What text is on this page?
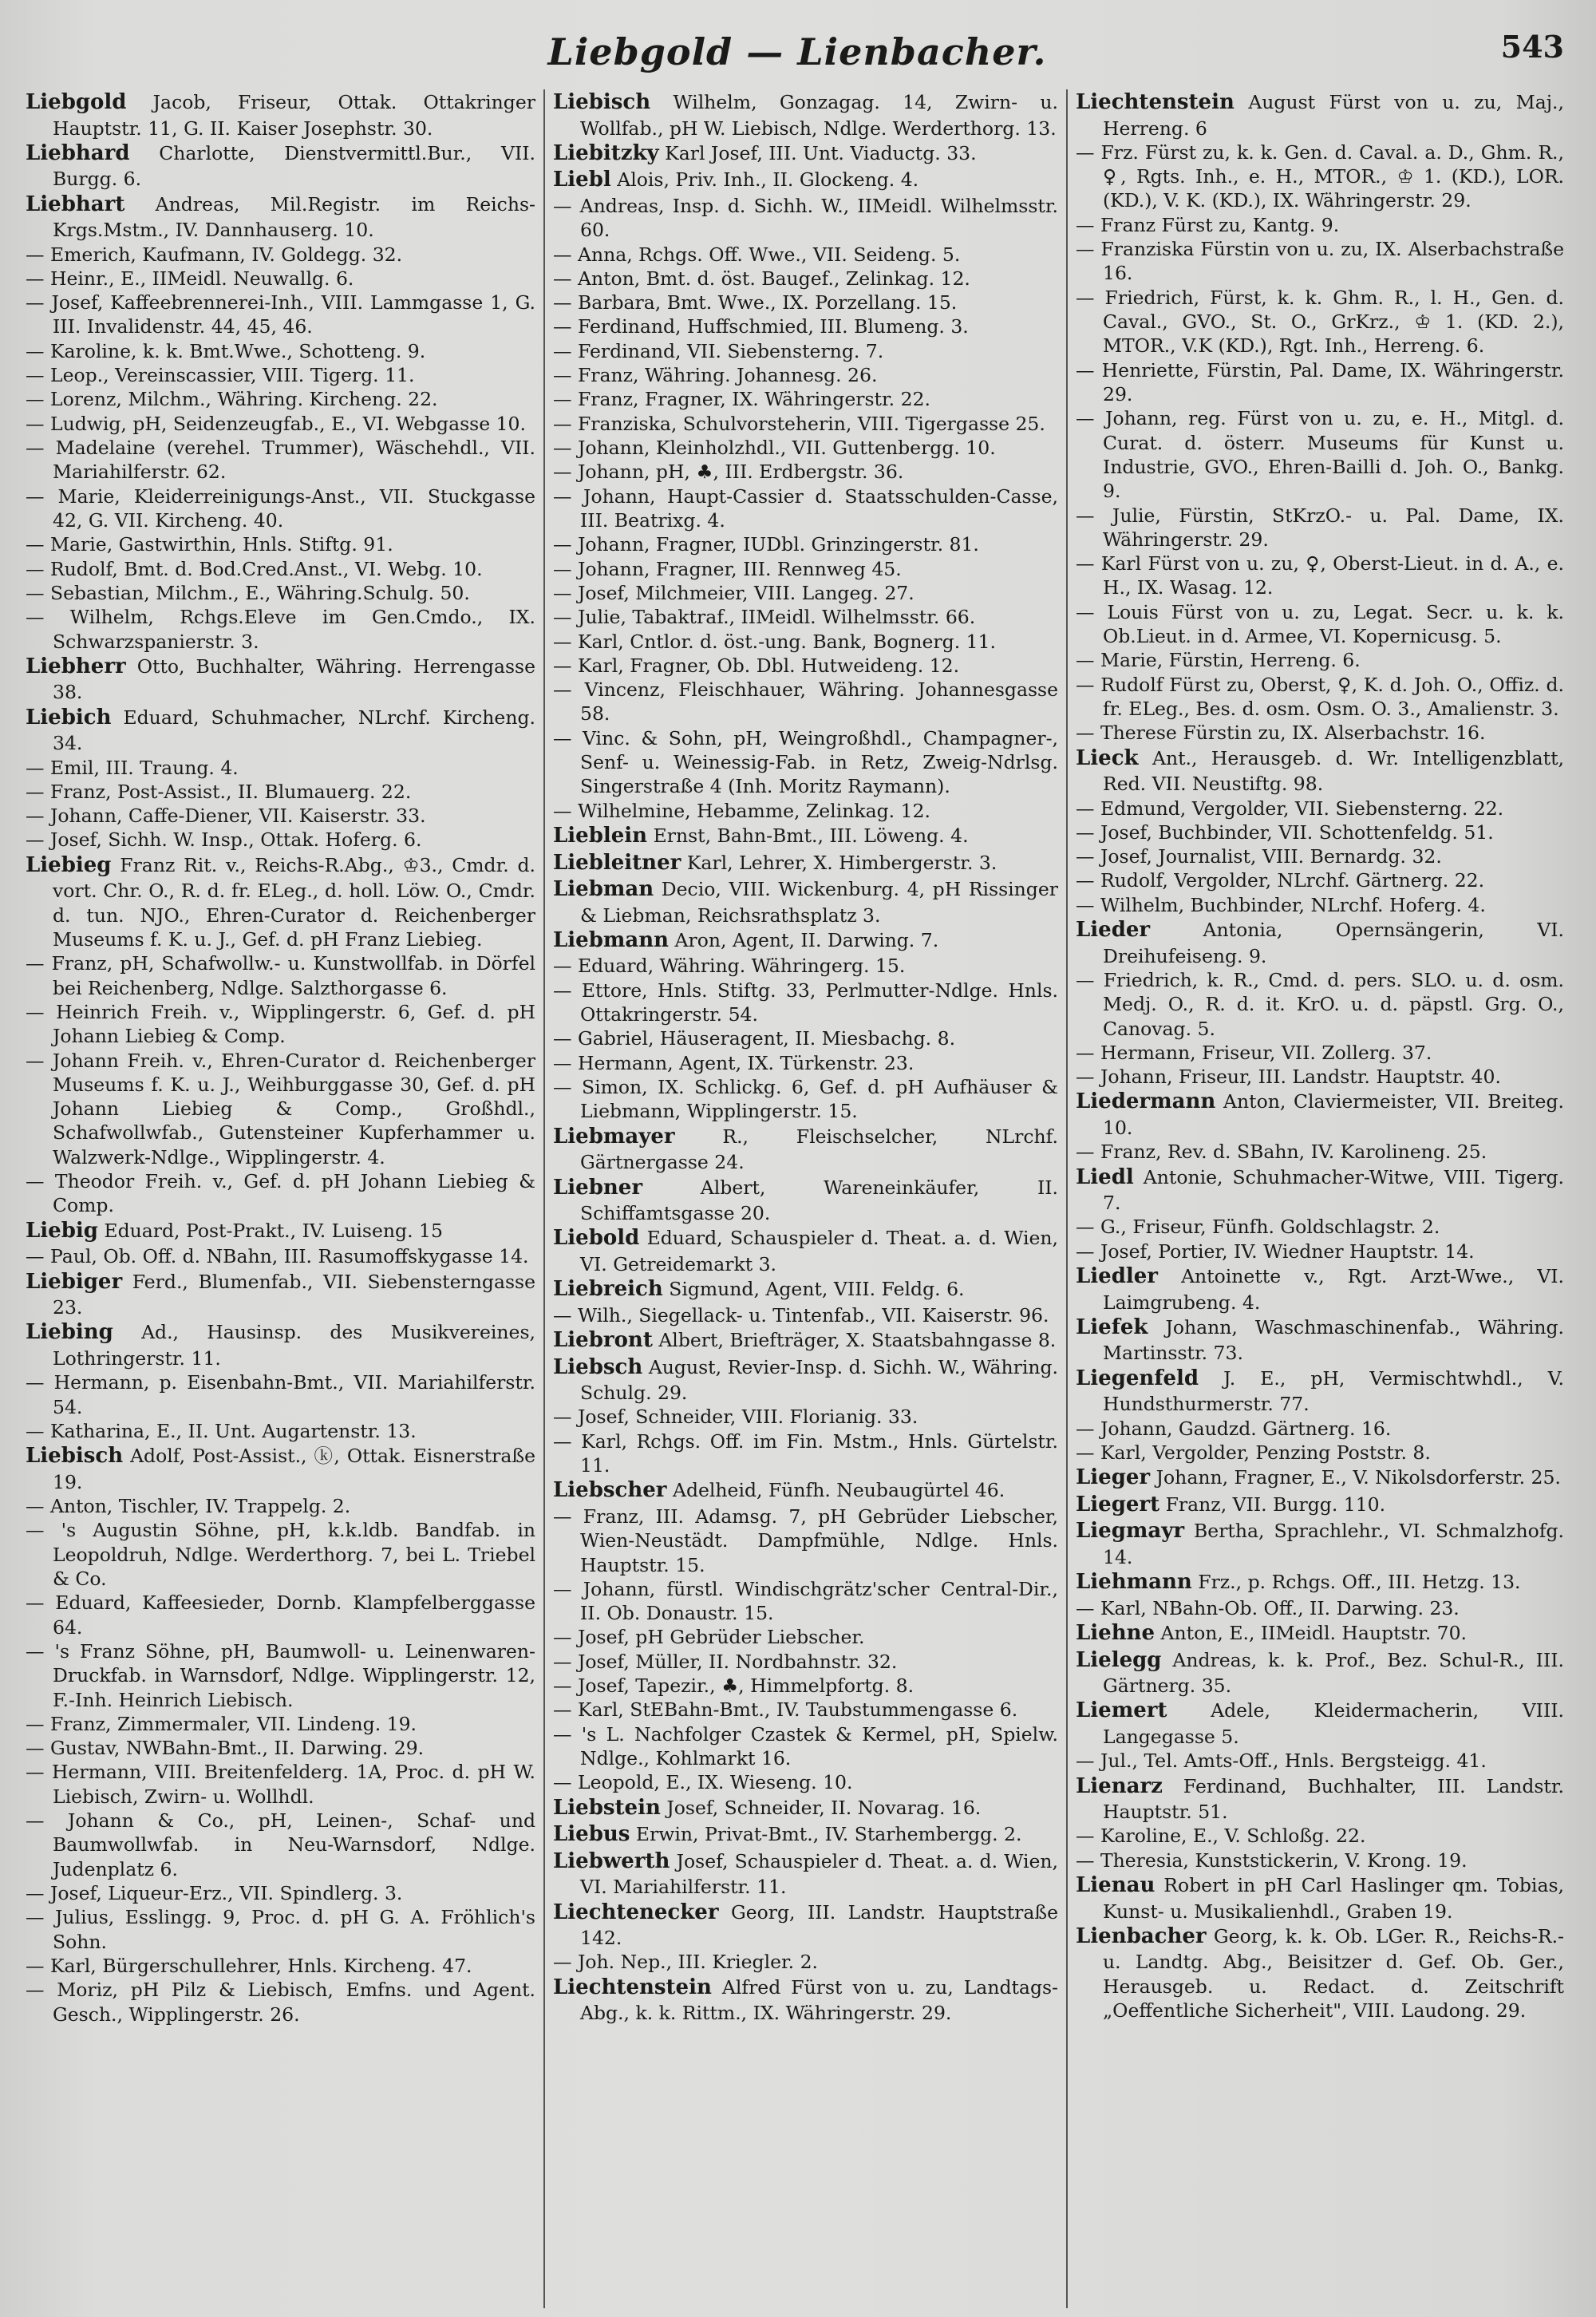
Liebgold — Lienbacher.	543

Liebgold Jacob, Friseur, Ottak. Ottakringer Hauptstr. 11, G. II. Kaiser Josephstr. 30.

Liebhard Charlotte, Dienstvermittl.Bur., VII. Burgg. 6.

Liebhart Andreas, Mil.Registr. im Reichs-Krgs.Mstm., IV. Dannhauserg. 10.

— Emerich, Kaufmann, IV. Goldegg. 32.

— Heinr., E., IIMeidl. Neuwallg. 6.

— Josef, Kaffeebrennerei-Inh., VIII. Lammgasse 1, G. III. Invalidenstr. 44, 45, 46.

— Karoline, k. k. Bmt.Wwe., Schotteng. 9.

— Leop., Vereinscassier, VIII. Tigerg. 11.

— Lorenz, Milchm., Währing. Kircheng. 22.

— Ludwig, pH, Seidenzeugfab., E., VI. Webgasse 10.

— Madelaine (verehel. Trummer), Wäschehdl., VII. Mariahilferstr. 62.

— Marie, Kleiderreinigungs-Anst., VII. Stuckgasse 42, G. VII. Kircheng. 40.

— Marie, Gastwirthin, Hnls. Stiftg. 91.

— Rudolf, Bmt. d. Bod.Cred.Anst., VI. Webg. 10.

— Sebastian, Milchm., E., Währing.Schulg. 50.

— Wilhelm, Rchgs.Eleve im Gen.Cmdo., IX. Schwarzspanierstr. 3.

Liebherr Otto, Buchhalter, Währing. Herrengasse 38.

Liebich Eduard, Schuhmacher, NLrchf. Kircheng. 34.

— Emil, III. Traung. 4.

— Franz, Post-Assist., II. Blumauerg. 22.

— Johann, Caffe-Diener, VII. Kaiserstr. 33.

— Josef, Sichh. W. Insp., Ottak. Hoferg. 6.

Liebieg Franz Rit. v., Reichs-R.Abg., ♔3., Cmdr. d. vort. Chr. O., R. d. fr. ELeg., d. holl. Löw. O., Cmdr. d. tun. NJO., Ehren-Curator d. Reichenberger Museums f. K. u. J., Gef. d. pH Franz Liebieg.

— Franz, pH, Schafwollw.- u. Kunstwollfab. in Dörfel bei Reichenberg, Ndlge. Salzthorgasse 6.

— Heinrich Freih. v., Wipplingerstr. 6, Gef. d. pH Johann Liebieg & Comp.

— Johann Freih. v., Ehren-Curator d. Reichenberger Museums f. K. u. J., Weihburggasse 30, Gef. d. pH Johann Liebieg & Comp., Großhdl., Schafwollwfab., Gutensteiner Kupferhammer u. Walzwerk-Ndlge., Wipplingerstr. 4.

— Theodor Freih. v., Gef. d. pH Johann Liebieg & Comp.

Liebig Eduard, Post-Prakt., IV. Luiseng. 15

— Paul, Ob. Off. d. NBahn, III. Rasumoffskygasse 14.

Liebiger Ferd., Blumenfab., VII. Siebensterngasse 23.

Liebing Ad., Hausinsp. des Musikvereines, Lothringerstr. 11.

— Hermann, p. Eisenbahn-Bmt., VII. Mariahilferstr. 54.

— Katharina, E., II. Unt. Augartenstr. 13.

Liebisch Adolf, Post-Assist., ⓚ, Ottak. Eisnerstraße 19.

— Anton, Tischler, IV. Trappelg. 2.

— 's Augustin Söhne, pH, k.k.ldb. Bandfab. in Leopoldruh, Ndlge. Werderthorg. 7, bei L. Triebel & Co.

— Eduard, Kaffeesieder, Dornb. Klampfelberggasse 64.

— 's Franz Söhne, pH, Baumwoll- u. Leinenwaren-Druckfab. in Warnsdorf, Ndlge. Wipplingerstr. 12, F.-Inh. Heinrich Liebisch.

— Franz, Zimmermaler, VII. Lindeng. 19.

— Gustav, NWBahn-Bmt., II. Darwing. 29.

— Hermann, VIII. Breitenfelderg. 1A, Proc. d. pH W. Liebisch, Zwirn- u. Wollhdl.

— Johann & Co., pH, Leinen-, Schaf- und Baumwollwfab. in Neu-Warnsdorf, Ndlge. Judenplatz 6.

— Josef, Liqueur-Erz., VII. Spindlerg. 3.

— Julius, Esslingg. 9, Proc. d. pH G. A. Fröhlich's Sohn.

— Karl, Bürgerschullehrer, Hnls. Kircheng. 47.

— Moriz, pH Pilz & Liebisch, Emfns. und Agent. Gesch., Wipplingerstr. 26.

Liebisch Wilhelm, Gonzagag. 14, Zwirn- u. Wollfab., pH W. Liebisch, Ndlge. Werderthorg. 13.

Liebitzky Karl Josef, III. Unt. Viaductg. 33.

Liebl Alois, Priv. Inh., II. Glockeng. 4.

— Andreas, Insp. d. Sichh. W., IIMeidl. Wilhelmsstr. 60.

— Anna, Rchgs. Off. Wwe., VII. Seideng. 5.

— Anton, Bmt. d. öst. Baugef., Zelinkag. 12.

— Barbara, Bmt. Wwe., IX. Porzellang. 15.

— Ferdinand, Huffschmied, III. Blumeng. 3.

— Ferdinand, VII. Siebensterng. 7.

— Franz, Währing. Johannesg. 26.

— Franz, Fragner, IX. Währingerstr. 22.

— Franziska, Schulvorsteherin, VIII. Tigergasse 25.

— Johann, Kleinholzhdl., VII. Guttenbergg. 10.

— Johann, pH, ♣, III. Erdbergstr. 36.

— Johann, Haupt-Cassier d. Staatsschulden-Casse, III. Beatrixg. 4.

— Johann, Fragner, IUDbl. Grinzingerstr. 81.

— Johann, Fragner, III. Rennweg 45.

— Josef, Milchmeier, VIII. Langeg. 27.

— Julie, Tabaktraf., IIMeidl. Wilhelmsstr. 66.

— Karl, Cntlor. d. öst.-ung. Bank, Bognerg. 11.

— Karl, Fragner, Ob. Dbl. Hutweideng. 12.

— Vincenz, Fleischhauer, Währing. Johannesgasse 58.

— Vinc. & Sohn, pH, Weingroßhdl., Champagner-, Senf- u. Weinessig-Fab. in Retz, Zweig-Ndrlsg. Singerstraße 4 (Inh. Moritz Raymann).

— Wilhelmine, Hebamme, Zelinkag. 12.

Lieblein Ernst, Bahn-Bmt., III. Löweng. 4.

Liebleitner Karl, Lehrer, X. Himbergerstr. 3.

Liebman Decio, VIII. Wickenburg. 4, pH Rissinger & Liebman, Reichsrathsplatz 3.

Liebmann Aron, Agent, II. Darwing. 7.

— Eduard, Währing. Währingerg. 15.

— Ettore, Hnls. Stiftg. 33, Perlmutter-Ndlge. Hnls. Ottakringerstr. 54.

— Gabriel, Häuseragent, II. Miesbachg. 8.

— Hermann, Agent, IX. Türkenstr. 23.

— Simon, IX. Schlickg. 6, Gef. d. pH Aufhäuser & Liebmann, Wipplingerstr. 15.

Liebmayer	R., Fleischselcher, NLrchf. Gärtnergasse 24.

Liebner	Albert, Wareneinkäufer, II. Schiffamtsgasse 20.

Liebold Eduard, Schauspieler d. Theat. a. d. Wien, VI. Getreidemarkt 3.

Liebreich Sigmund, Agent, VIII. Feldg. 6.

— Wilh., Siegellack- u. Tintenfab., VII. Kaiserstr. 96.

Liebront Albert, Briefträger, X. Staatsbahngasse 8.

Liebsch August, Revier-Insp. d. Sichh. W., Währing. Schulg. 29.

— Josef, Schneider, VIII. Florianig. 33.

— Karl, Rchgs. Off. im Fin. Mstm., Hnls. Gürtelstr. 11.

Liebscher Adelheid, Fünfh. Neubaugürtel 46.

— Franz, III. Adamsg. 7, pH Gebrüder Liebscher, Wien-Neustädt. Dampfmühle, Ndlge. Hnls. Hauptstr. 15.

— Johann, fürstl. Windischgrätz'scher Central-Dir., II. Ob. Donaustr. 15.

— Josef, pH Gebrüder Liebscher.

— Josef, Müller, II. Nordbahnstr. 32.

— Josef, Tapezir., ♣, Himmelpfortg. 8.

— Karl, StEBahn-Bmt., IV. Taubstummengasse 6.

— 's L. Nachfolger Czastek & Kermel, pH, Spielw. Ndlge., Kohlmarkt 16.

— Leopold, E., IX. Wieseng. 10.

Liebstein Josef, Schneider, II. Novarag. 16.

Liebus Erwin, Privat-Bmt., IV. Starhembergg. 2.

Liebwerth Josef, Schauspieler d. Theat. a. d. Wien, VI. Mariahilferstr. 11.

Liechtenecker Georg, III. Landstr. Hauptstraße 142.

— Joh. Nep., III. Kriegler. 2.

Liechtenstein Alfred Fürst von u. zu, Landtags-Abg., k. k. Rittm., IX. Währingerstr. 29.

Liechtenstein August Fürst von u. zu, Maj., Herreng. 6

— Frz. Fürst zu, k. k. Gen. d. Caval. a. D., Ghm. R., ♀, Rgts. Inh., e. H., MTOR., ♔ 1. (KD.), LOR. (KD.), V. K. (KD.), IX. Währingerstr. 29.

— Franz Fürst zu, Kantg. 9.

— Franziska Fürstin von u. zu, IX. Alserbachstraße 16.

— Friedrich, Fürst, k. k. Ghm. R., l. H., Gen. d. Caval., GVO., St. O., GrKrz., ♔ 1. (KD. 2.), MTOR., V.K (KD.), Rgt. Inh., Herreng. 6.

— Henriette, Fürstin, Pal. Dame, IX. Währingerstr. 29.

— Johann, reg. Fürst von u. zu, e. H., Mitgl. d. Curat. d. österr. Museums für Kunst u. Industrie, GVO., Ehren-Bailli d. Joh. O., Bankg. 9.

— Julie, Fürstin, StKrzO.- u. Pal. Dame, IX. Währingerstr. 29.

— Karl Fürst von u. zu, ♀, Oberst-Lieut. in d. A., e. H., IX. Wasag. 12.

— Louis Fürst von u. zu, Legat. Secr. u. k. k. Ob.Lieut. in d. Armee, VI. Kopernicusg. 5.

— Marie, Fürstin, Herreng. 6.

— Rudolf Fürst zu, Oberst, ♀, K. d. Joh. O., Offiz. d. fr. ELeg., Bes. d. osm. Osm. O. 3., Amalienstr. 3.

— Therese Fürstin zu, IX. Alserbachstr. 16.

Lieck Ant., Herausgeb. d. Wr. Intelligenzblatt, Red. VII. Neustiftg. 98.

— Edmund, Vergolder, VII. Siebensterng. 22.

— Josef, Buchbinder, VII. Schottenfeldg. 51.

— Josef, Journalist, VIII. Bernardg. 32.

— Rudolf, Vergolder, NLrchf. Gärtnerg. 22.

— Wilhelm, Buchbinder, NLrchf. Hoferg. 4.

Lieder	Antonia, Opernsängerin, VI. Dreihufeiseng. 9.

— Friedrich, k. R., Cmd. d. pers. SLO. u. d. osm. Medj. O., R. d. it. KrO. u. d. päpstl. Grg. O., Canovag. 5.

— Hermann, Friseur, VII. Zollerg. 37.

— Johann, Friseur, III. Landstr. Hauptstr. 40.

Liedermann Anton, Claviermeister, VII. Breiteg. 10.

— Franz, Rev. d. SBahn, IV. Karolineng. 25.

Liedl Antonie, Schuhmacher-Witwe, VIII. Tigerg. 7.

— G., Friseur, Fünfh. Goldschlagstr. 2.

— Josef, Portier, IV. Wiedner Hauptstr. 14.

Liedler Antoinette v., Rgt. Arzt-Wwe., VI. Laimgrubeng. 4.

Liefek Johann, Waschmaschinenfab., Währing. Martinsstr. 73.

Liegenfeld J. E., pH, Vermischtwhdl., V. Hundsthurmerstr. 77.

— Johann, Gaudzd. Gärtnerg. 16.

— Karl, Vergolder, Penzing Poststr. 8.

Lieger Johann, Fragner, E., V. Nikolsdorferstr. 25.

Liegert Franz, VII. Burgg. 110.

Liegmayr Bertha, Sprachlehr., VI. Schmalzhofg. 14.

Liehmann Frz., p. Rchgs. Off., III. Hetzg. 13.

— Karl, NBahn-Ob. Off., II. Darwing. 23.

Liehne Anton, E., IIMeidl. Hauptstr. 70.

Lielegg Andreas, k. k. Prof., Bez. Schul-R., III. Gärtnerg. 35.

Liemert Adele, Kleidermacherin, VIII. Langegasse 5.

— Jul., Tel. Amts-Off., Hnls. Bergsteigg. 41.

Lienarz Ferdinand, Buchhalter, III. Landstr. Hauptstr. 51.

— Karoline, E., V. Schloßg. 22.

— Theresia, Kunststickerin, V. Krong. 19.

Lienau Robert in pH Carl Haslinger qm. Tobias, Kunst- u. Musikalienhdl., Graben 19.

Lienbacher Georg, k. k. Ob. LGer. R., Reichs-R.- u. Landtg. Abg., Beisitzer d. Gef. Ob. Ger., Herausgeb. u. Redact. d. Zeitschrift „Oeffentliche Sicherheit", VIII. Laudong. 29.
